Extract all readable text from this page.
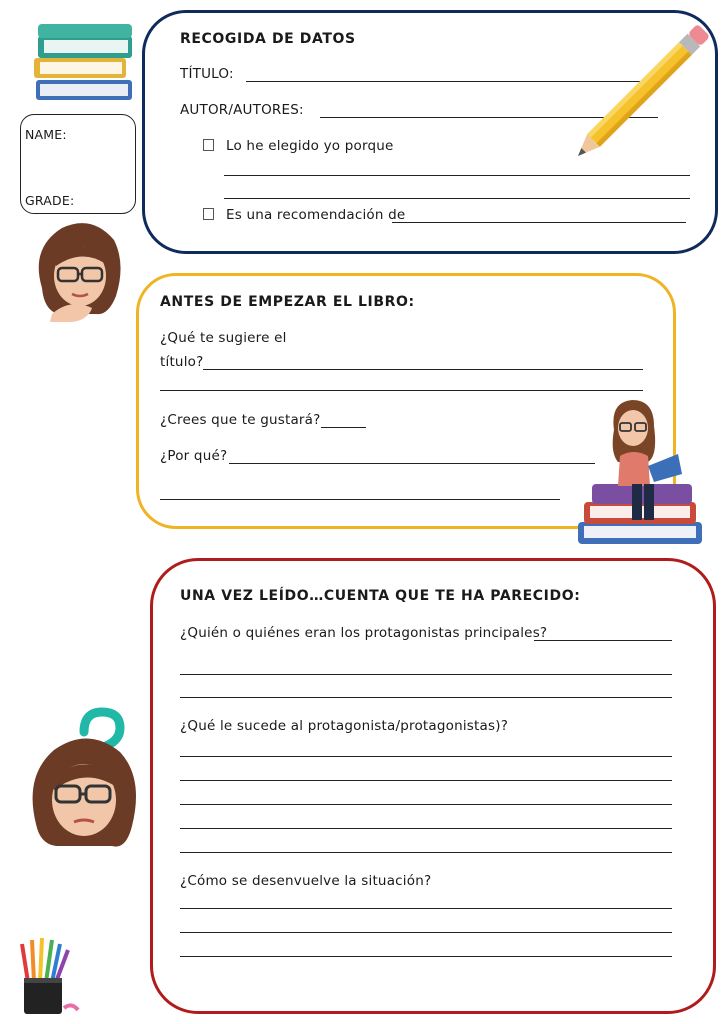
NAME:
GRADE:
RECOGIDA DE DATOS
TÍTULO:
AUTOR/AUTORES:
Lo he elegido yo porque
Es una recomendación de
ANTES DE EMPEZAR EL LIBRO:
¿Qué te sugiere el
título?
¿Crees que te gustará?
¿Por qué?
UNA VEZ LEÍDO…CUENTA QUE TE HA PARECIDO:
¿Quién o quiénes eran los protagonistas principales?
¿Qué le sucede al protagonista/protagonistas)?
¿Cómo se desenvuelve la situación?
